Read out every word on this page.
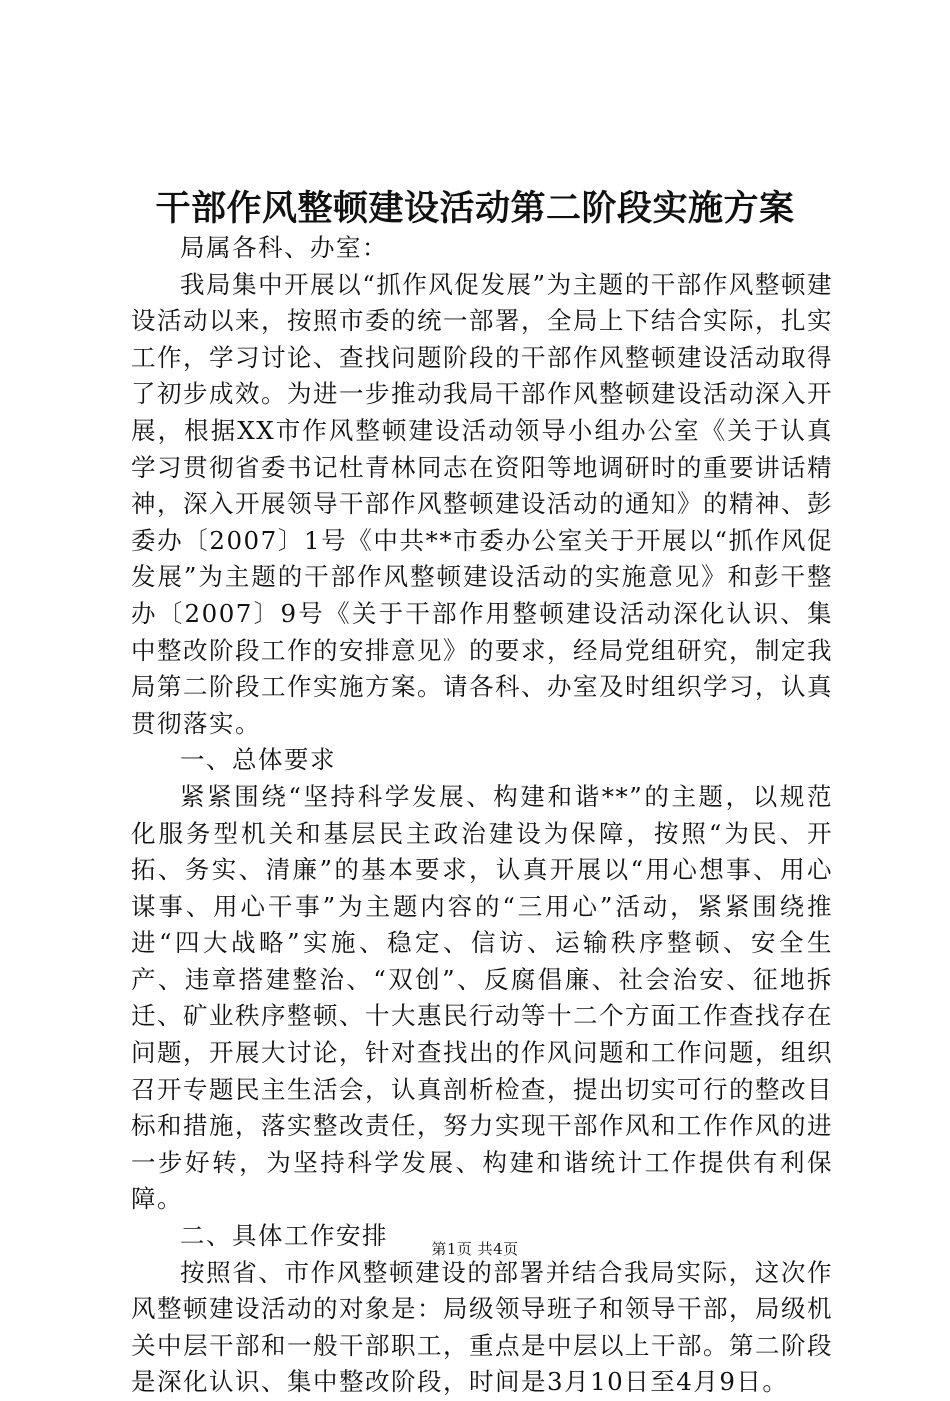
干部作风整顿建设活动第二阶段实施方案

局属各科、办室：

我局集中开展以“抓作风促发展”为主题的干部作风整顿建设活动以来，按照市委的统一部署，全局上下结合实际，扎实工作，学习讨论、查找问题阶段的干部作风整顿建设活动取得了初步成效。为进一步推动我局干部作风整顿建设活动深入开展，根据XX市作风整顿建设活动领导小组办公室《关于认真学习贯彻省委书记杜青林同志在资阳等地调研时的重要讲话精神，深入开展领导干部作风整顿建设活动的通知》的精神、彭委办〔2007〕1号《中共**市委办公室关于开展以“抓作风促发展”为主题的干部作风整顿建设活动的实施意见》和彭干整办〔2007〕9号《关于干部作用整顿建设活动深化认识、集中整改阶段工作的安排意见》的要求，经局党组研究，制定我局第二阶段工作实施方案。请各科、办室及时组织学习，认真贯彻落实。

一、总体要求

紧紧围绕“坚持科学发展、构建和谐**”的主题，以规范化服务型机关和基层民主政治建设为保障，按照“为民、开拓、务实、清廉”的基本要求，认真开展以“用心想事、用心谋事、用心干事”为主题内容的“三用心”活动，紧紧围绕推进“四大战略”实施、稳定、信访、运输秩序整顿、安全生产、违章搭建整治、“双创”、反腐倡廉、社会治安、征地拆迁、矿业秩序整顿、十大惠民行动等十二个方面工作查找存在问题，开展大讨论，针对查找出的作风问题和工作问题，组织召开专题民主生活会，认真剖析检查，提出切实可行的整改目标和措施，落实整改责任，努力实现干部作风和工作作风的进一步好转，为坚持科学发展、构建和谐统计工作提供有利保障。

二、具体工作安排

按照省、市作风整顿建设的部署并结合我局实际，这次作风整顿建设活动的对象是：局级领导班子和领导干部，局级机关中层干部和一般干部职工，重点是中层以上干部。第二阶段是深化认识、集中整改阶段，时间是3月10日至4月9日。

第1页 共4页
